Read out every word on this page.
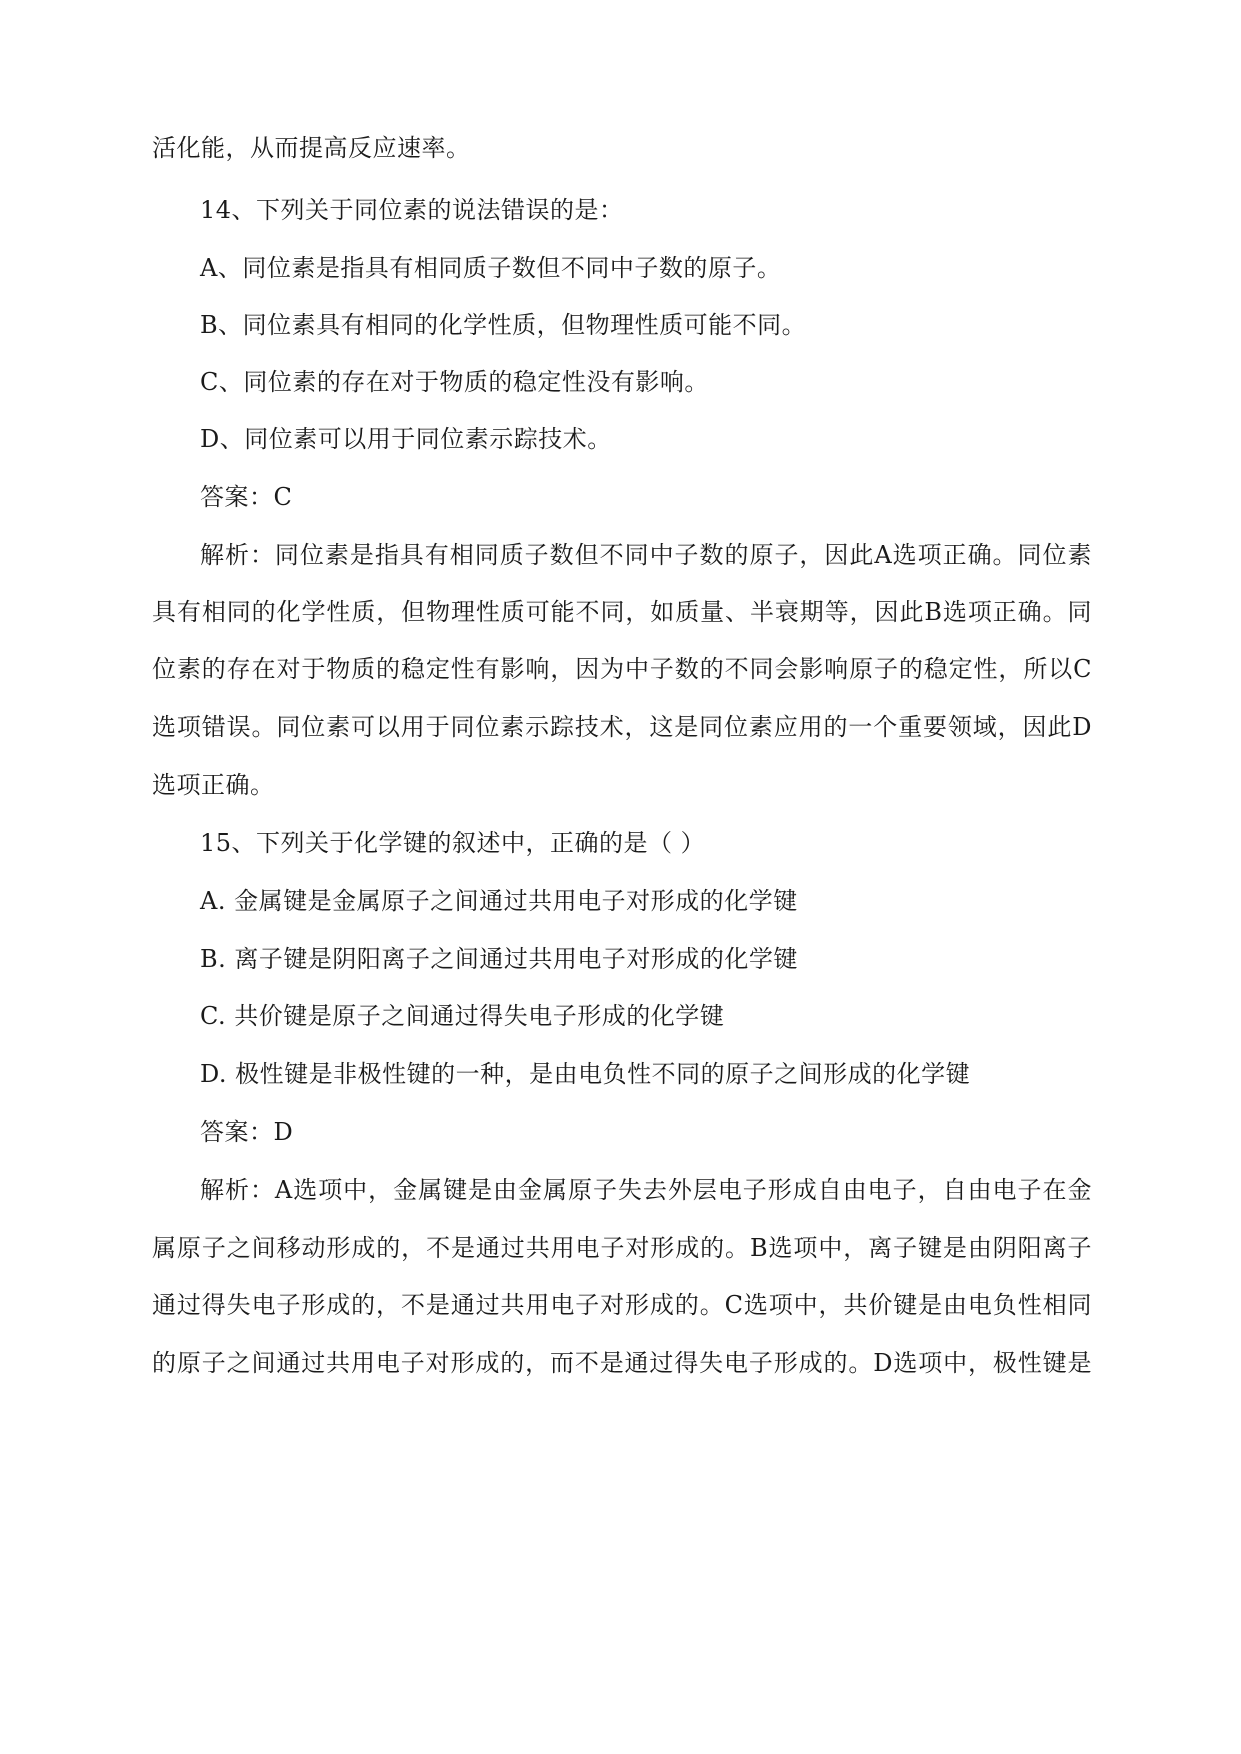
活化能，从而提高反应速率。
14、下列关于同位素的说法错误的是：
A、同位素是指具有相同质子数但不同中子数的原子。
B、同位素具有相同的化学性质，但物理性质可能不同。
C、同位素的存在对于物质的稳定性没有影响。
D、同位素可以用于同位素示踪技术。
答案：C
解析：同位素是指具有相同质子数但不同中子数的原子，因此A选项正确。同位素
具有相同的化学性质，但物理性质可能不同，如质量、半衰期等，因此B选项正确。同
位素的存在对于物质的稳定性有影响，因为中子数的不同会影响原子的稳定性，所以C
选项错误。同位素可以用于同位素示踪技术，这是同位素应用的一个重要领域，因此D
选项正确。
15、下列关于化学键的叙述中，正确的是（ ）
A. 金属键是金属原子之间通过共用电子对形成的化学键
B. 离子键是阴阳离子之间通过共用电子对形成的化学键
C. 共价键是原子之间通过得失电子形成的化学键
D. 极性键是非极性键的一种，是由电负性不同的原子之间形成的化学键
答案：D
解析：A选项中，金属键是由金属原子失去外层电子形成自由电子，自由电子在金
属原子之间移动形成的，不是通过共用电子对形成的。B选项中，离子键是由阴阳离子
通过得失电子形成的，不是通过共用电子对形成的。C选项中，共价键是由电负性相同
的原子之间通过共用电子对形成的，而不是通过得失电子形成的。D选项中，极性键是
